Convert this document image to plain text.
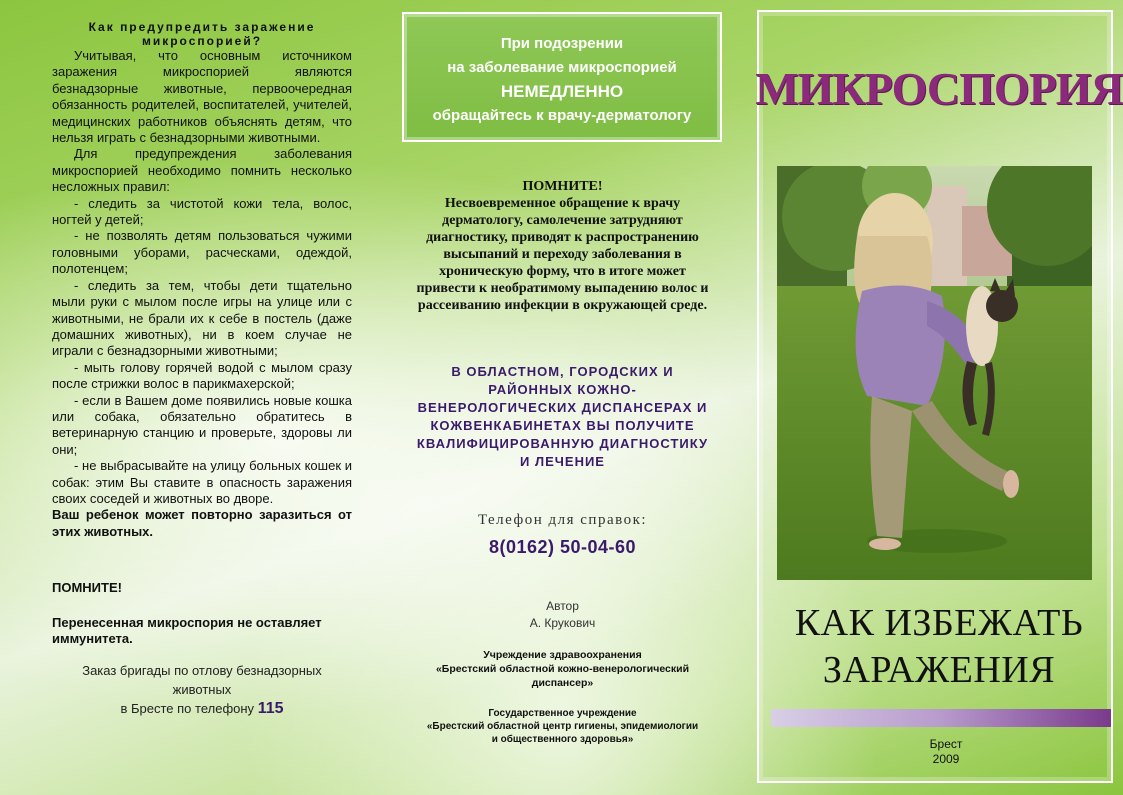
Как предупредить заражение микроспорией?

Учитывая, что основным источником заражения микроспорией являются безнадзорные животные, первоочередная обязанность родителей, воспитателей, учителей, медицинских работников объяснять детям, что нельзя играть с безнадзорными животными.

Для предупреждения заболевания микроспорией необходимо помнить несколько несложных правил:

- следить за чистотой кожи тела, волос, ногтей у детей;

- не позволять детям пользоваться чужими головными уборами, расческами, одеждой, полотенцем;

- следить за тем, чтобы дети тщательно мыли руки с мылом после игры на улице или с животными, не брали их к себе в постель (даже домашних животных), ни в коем случае не играли с безнадзорными животными;

- мыть голову горячей водой с мылом сразу после стрижки волос в парикмахерской;

- если в Вашем доме появились новые кошка или собака, обязательно обратитесь в ветеринарную станцию и проверьте, здоровы ли они;

- не выбрасывайте на улицу больных кошек и собак: этим Вы ставите в опасность заражения своих соседей и животных во дворе.

Ваш ребенок может повторно заразиться от этих животных.

ПОМНИТЕ!
Перенесенная микроспория не оставляет иммунитета.
Заказ бригады по отлову безнадзорных животных
в Бресте по телефону 115
При подозрении
на заболевание микроспорией
НЕМЕДЛЕННО
обращайтесь к врачу-дерматологу
ПОМНИТЕ!
Несвоевременное обращение к врачу дерматологу, самолечение затрудняют диагностику, приводят к распространению высыпаний и переходу заболевания в хроническую форму, что в итоге может привести к необратимому выпадению волос и рассеиванию инфекции в окружающей среде.
В ОБЛАСТНОМ, ГОРОДСКИХ И РАЙОННЫХ КОЖНО-ВЕНЕРОЛОГИЧЕСКИХ ДИСПАНСЕРАХ И КОЖВЕНКАБИНЕТАХ ВЫ ПОЛУЧИТЕ КВАЛИФИЦИРОВАННУЮ ДИАГНОСТИКУ И ЛЕЧЕНИЕ
Телефон для справок:
8(0162) 50-04-60
Автор
А. Крукович
Учреждение здравоохранения
«Брестский областной кожно-венерологический
диспансер»
Государственное учреждение
«Брестский областной центр гигиены, эпидемиологии
и общественного здоровья»
МИКРОСПОРИЯ
КАК ИЗБЕЖАТЬ
ЗАРАЖЕНИЯ
Брест
2009
